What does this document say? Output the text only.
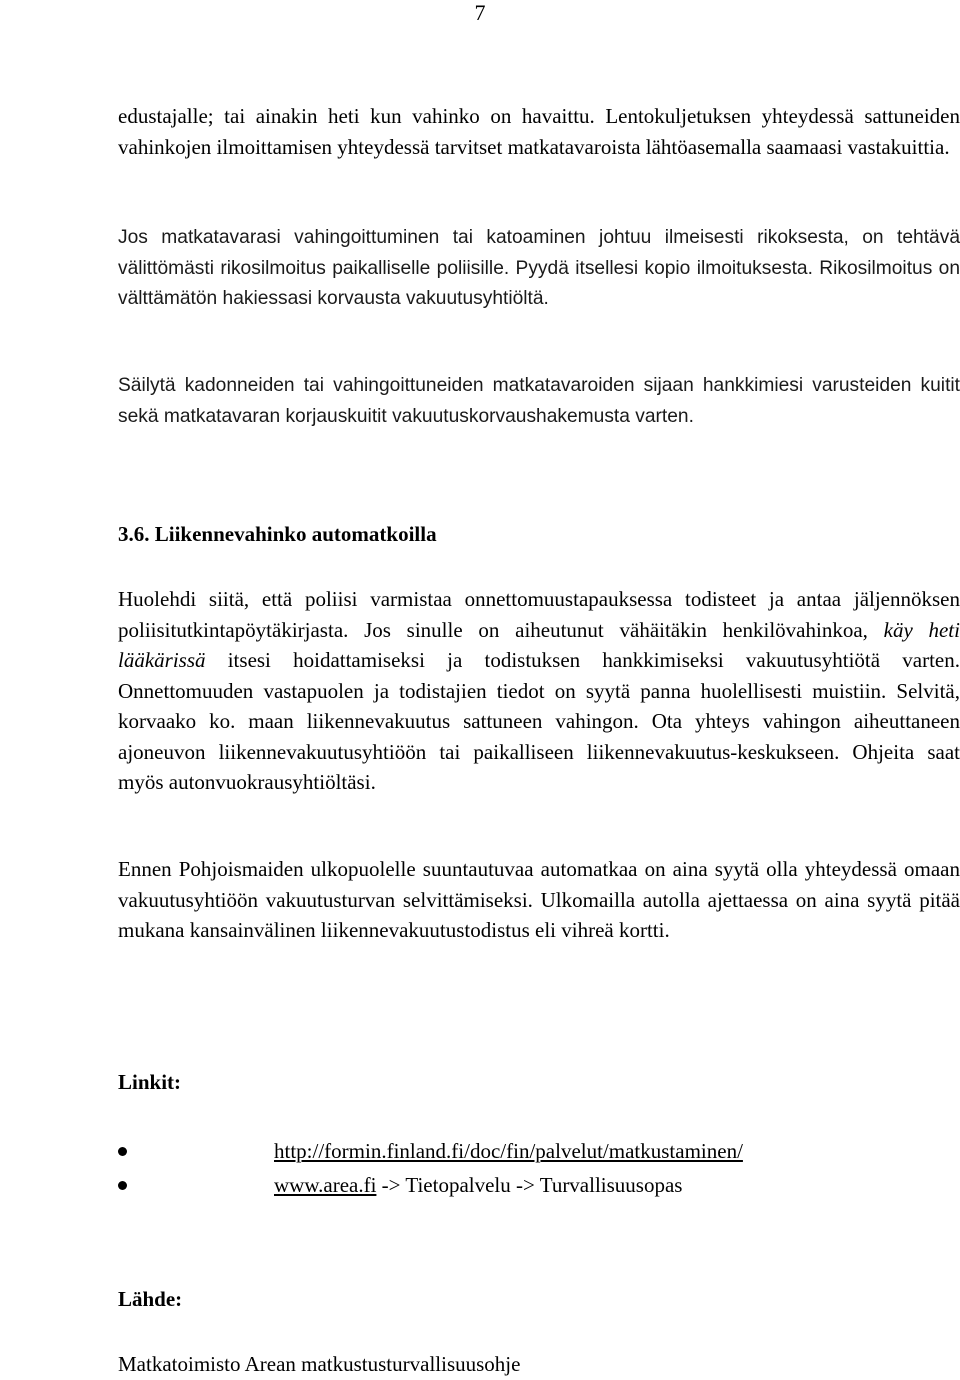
7

edustajalle; tai ainakin heti kun vahinko on havaittu. Lentokuljetuksen yhteydessä sattuneiden vahinkojen ilmoittamisen yhteydessä tarvitset matkatavaroista lähtöasemalla saamaasi vastakuittia.

Jos matkatavarasi vahingoittuminen tai katoaminen johtuu ilmeisesti rikoksesta, on tehtävä välittömästi rikosilmoitus paikalliselle poliisille. Pyydä itsellesi kopio ilmoituksesta. Rikosilmoitus on välttämätön hakiessasi korvausta vakuutusyhtiöltä.

Säilytä kadonneiden tai vahingoittuneiden matkatavaroiden sijaan hankkimiesi varusteiden kuitit sekä matkatavaran korjauskuitit vakuutuskorvaushakemusta varten.

3.6. Liikennevahinko automatkoilla

Huolehdi siitä, että poliisi varmistaa onnettomuustapauksessa todisteet ja antaa jäljennöksen poliisitutkintapöytäkirjasta. Jos sinulle on aiheutunut vähäitäkin henkilövahinkoa, käy heti lääkärissä itsesi hoidattamiseksi ja todistuksen hankkimiseksi vakuutusyhtiötä varten. Onnettomuuden vastapuolen ja todistajien tiedot on syytä panna huolellisesti muistiin. Selvitä, korvaako ko. maan liikennevakuutus sattuneen vahingon. Ota yhteys vahingon aiheuttaneen ajoneuvon liikennevakuutusyhtiöön tai paikalliseen liikennevakuutus-keskukseen. Ohjeita saat myös autonvuokrausyhtiöltäsi.

Ennen Pohjoismaiden ulkopuolelle suuntautuvaa automatkaa on aina syytä olla yhteydessä omaan vakuutusyhtiöön vakuutusturvan selvittämiseksi. Ulkomailla autolla ajettaessa on aina syytä pitää mukana kansainvälinen liikennevakuutustodistus eli vihreä kortti.

Linkit:
http://formin.finland.fi/doc/fin/palvelut/matkustaminen/
www.area.fi -> Tietopalvelu -> Turvallisuusopas
Lähde:

Matkatoimisto Arean matkustusturvallisuusohje
